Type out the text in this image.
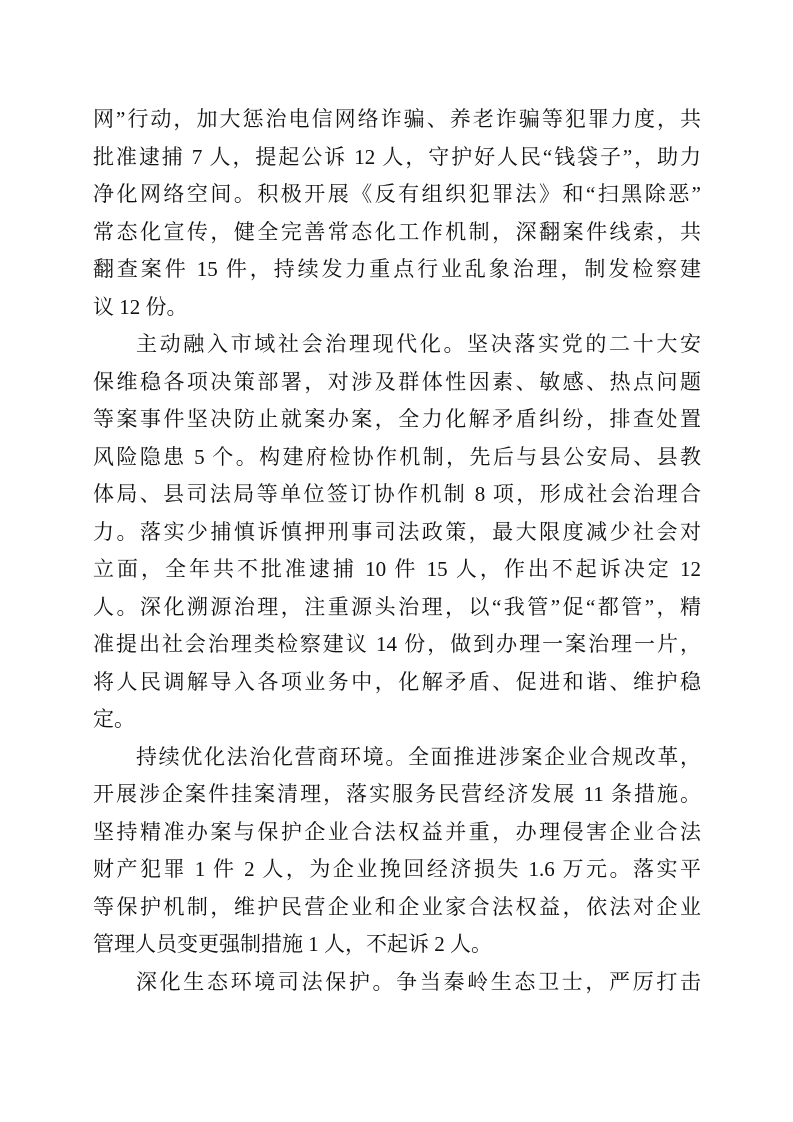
网”行动，加大惩治电信网络诈骗、养老诈骗等犯罪力度，共
批准逮捕 7 人，提起公诉 12 人，守护好人民“钱袋子”，助力
净化网络空间。积极开展《反有组织犯罪法》和“扫黑除恶”
常态化宣传，健全完善常态化工作机制，深翻案件线索，共
翻查案件 15 件，持续发力重点行业乱象治理，制发检察建
议 12 份。
主动融入市域社会治理现代化。坚决落实党的二十大安
保维稳各项决策部署，对涉及群体性因素、敏感、热点问题
等案事件坚决防止就案办案，全力化解矛盾纠纷，排查处置
风险隐患 5 个。构建府检协作机制，先后与县公安局、县教
体局、县司法局等单位签订协作机制 8 项，形成社会治理合
力。落实少捕慎诉慎押刑事司法政策，最大限度减少社会对
立面，全年共不批准逮捕 10 件 15 人，作出不起诉决定 12
人。深化溯源治理，注重源头治理，以“我管”促“都管”，精
准提出社会治理类检察建议 14 份，做到办理一案治理一片，
将人民调解导入各项业务中，化解矛盾、促进和谐、维护稳
定。
持续优化法治化营商环境。全面推进涉案企业合规改革，
开展涉企案件挂案清理，落实服务民营经济发展 11 条措施。
坚持精准办案与保护企业合法权益并重，办理侵害企业合法
财产犯罪 1 件 2 人，为企业挽回经济损失 1.6 万元。落实平
等保护机制，维护民营企业和企业家合法权益，依法对企业
管理人员变更强制措施 1 人，不起诉 2 人。
深化生态环境司法保护。争当秦岭生态卫士，严厉打击
